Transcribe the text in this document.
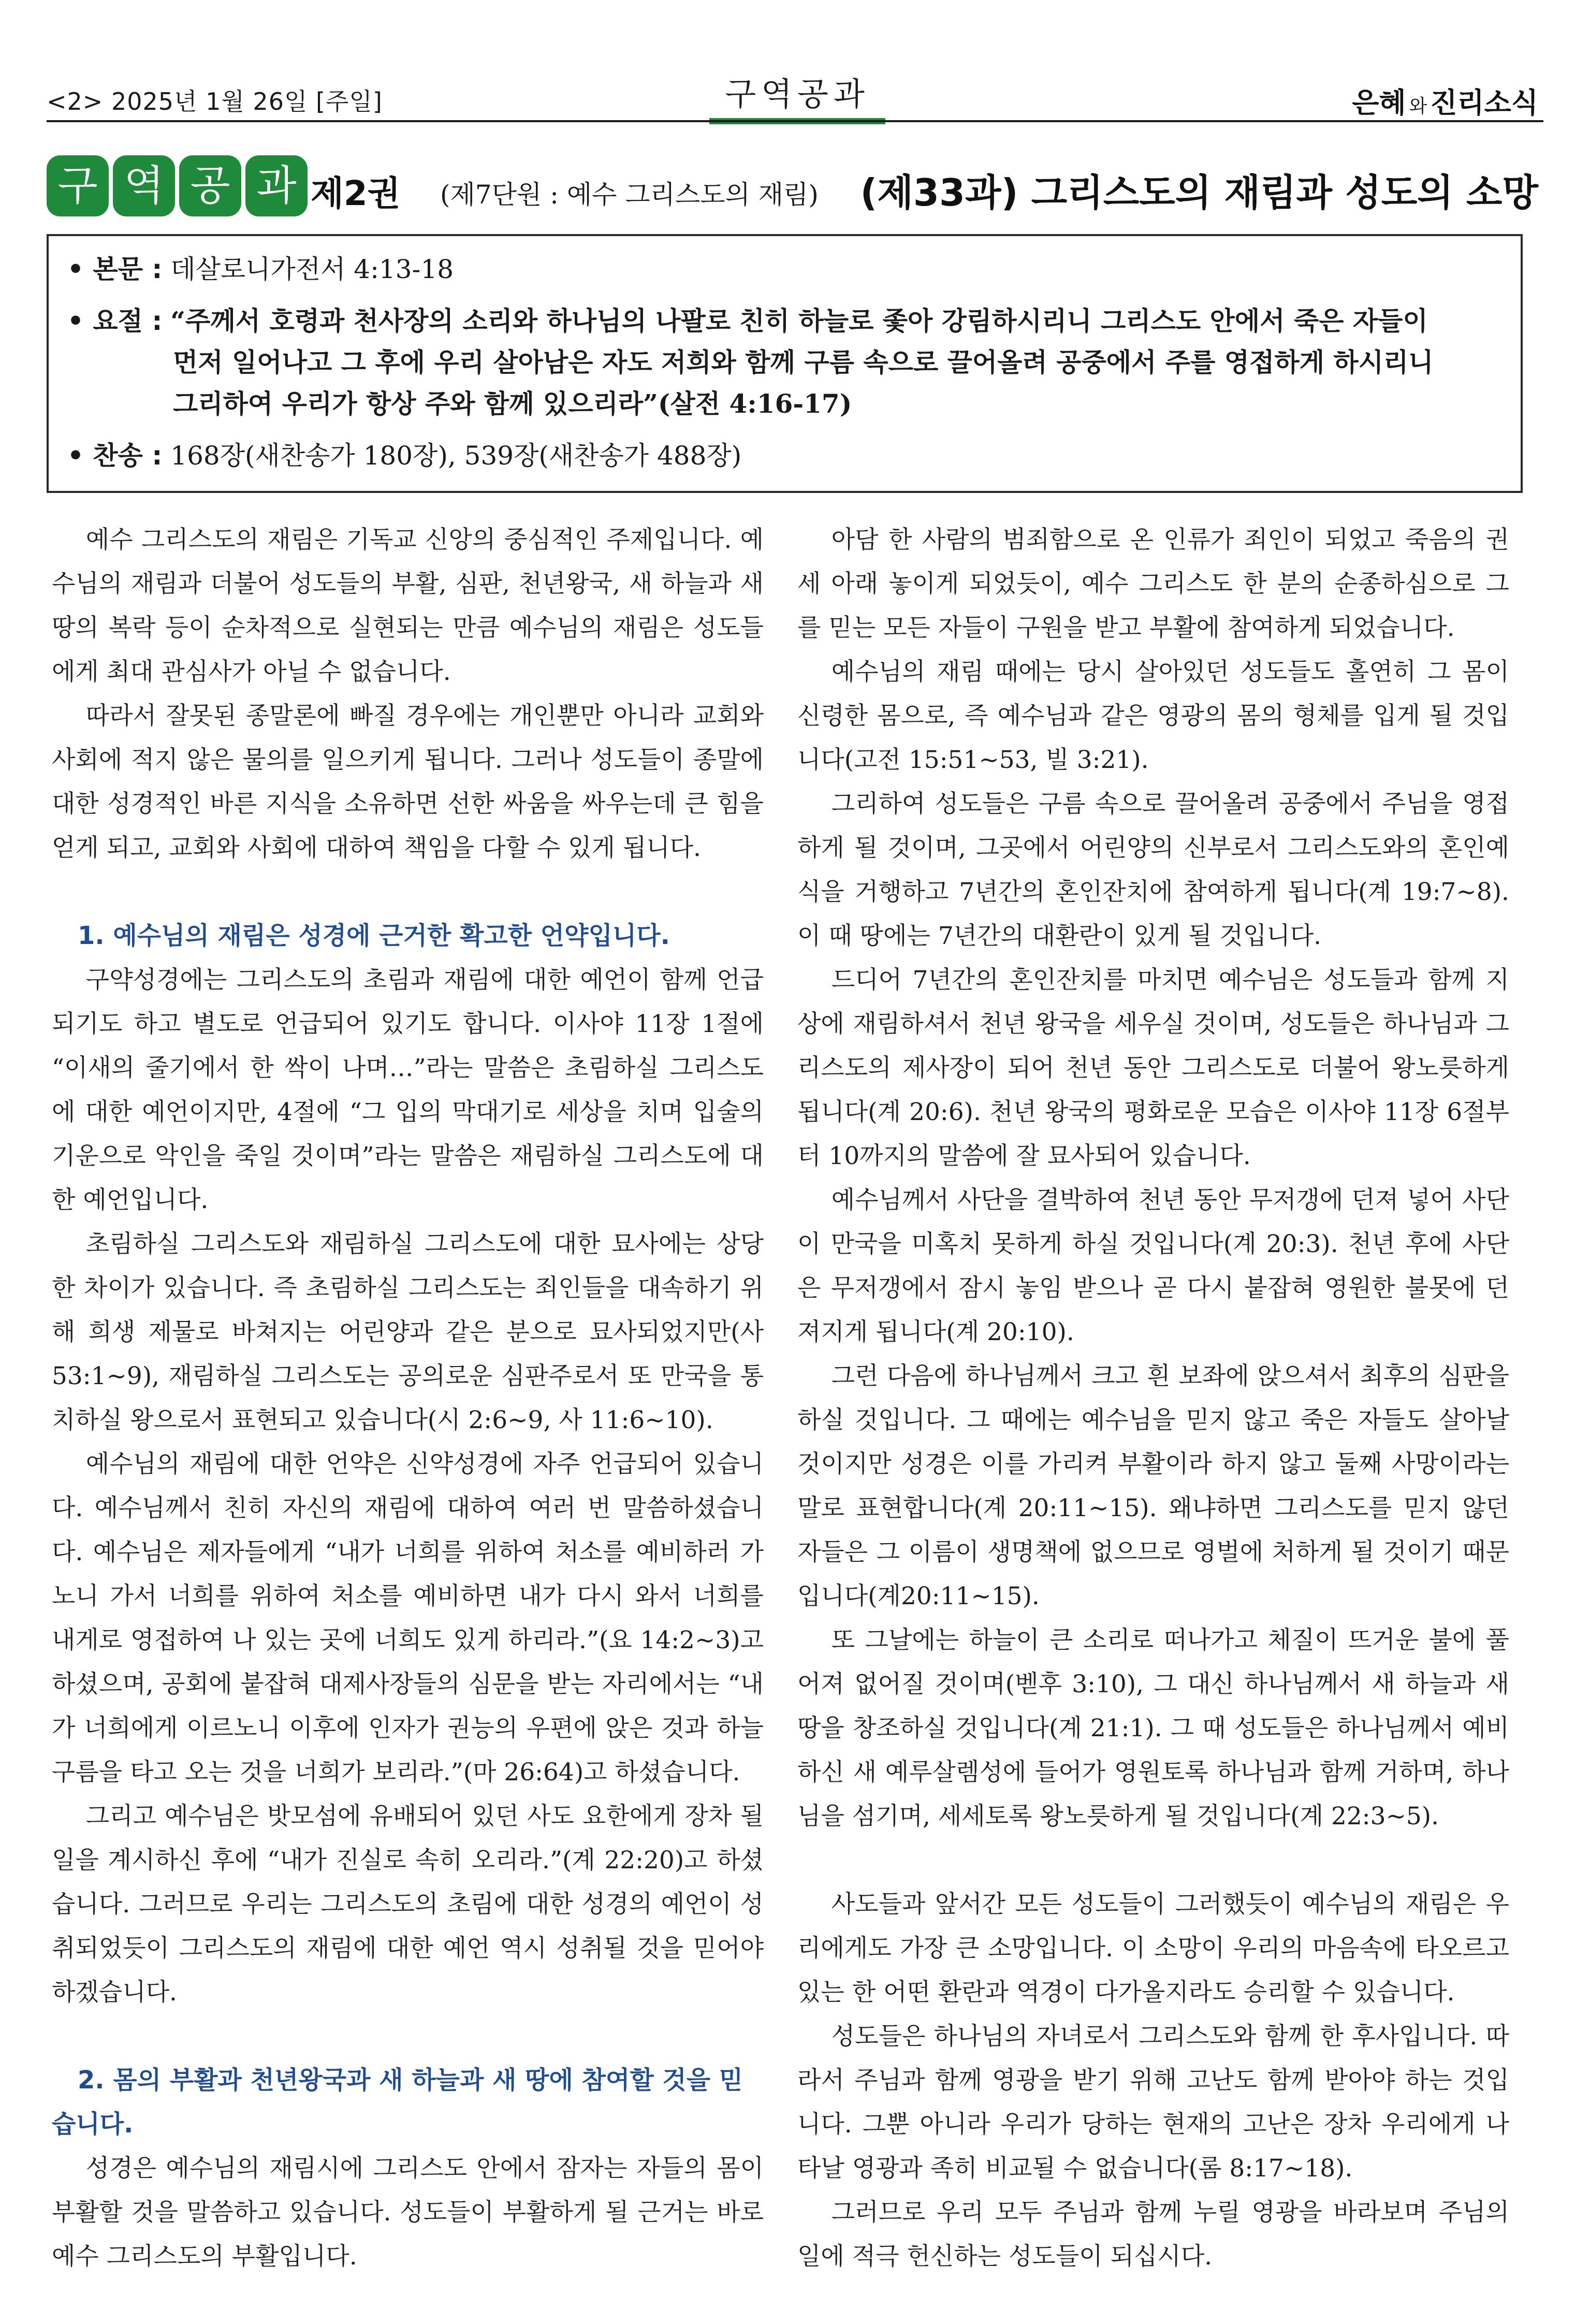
<2> 2025년 1월 26일 [주일]	구역공과	은혜 와 진리소식
구 역 공 과 제2권 (제7단원 : 예수 그리스도의 재림) (제33과) 그리스도의 재림과 성도의 소망
• 본문 : 데살로니가전서 4:13-18
• 요절 : “주께서 호령과 천사장의 소리와 하나님의 나팔로 친히 하늘로 좇아 강림하시리니 그리스도 안에서 죽은 자들이
먼저 일어나고 그 후에 우리 살아남은 자도 저희와 함께 구름 속으로 끌어올려 공중에서 주를 영접하게 하시리니
그리하여 우리가 항상 주와 함께 있으리라”(살전 4:16-17)
• 찬송 : 168장(새찬송가 180장), 539장(새찬송가 488장)

예수 그리스도의 재림은 기독교 신앙의 중심적인 주제입니다. 예수님의 재림과 더불어 성도들의 부활, 심판, 천년왕국, 새 하늘과 새 땅의 복락 등이 순차적으로 실현되는 만큼 예수님의 재림은 성도들에게 최대 관심사가 아닐 수 없습니다.

따라서 잘못된 종말론에 빠질 경우에는 개인뿐만 아니라 교회와 사회에 적지 않은 물의를 일으키게 됩니다. 그러나 성도들이 종말에 대한 성경적인 바른 지식을 소유하면 선한 싸움을 싸우는데 큰 힘을 얻게 되고, 교회와 사회에 대하여 책임을 다할 수 있게 됩니다.

1. 예수님의 재림은 성경에 근거한 확고한 언약입니다.

구약성경에는 그리스도의 초림과 재림에 대한 예언이 함께 언급되기도 하고 별도로 언급되어 있기도 합니다. 이사야 11장 1절에 “이새의 줄기에서 한 싹이 나며…”라는 말씀은 초림하실 그리스도에 대한 예언이지만, 4절에 “그 입의 막대기로 세상을 치며 입술의 기운으로 악인을 죽일 것이며”라는 말씀은 재림하실 그리스도에 대한 예언입니다.

초림하실 그리스도와 재림하실 그리스도에 대한 묘사에는 상당한 차이가 있습니다. 즉 초림하실 그리스도는 죄인들을 대속하기 위해 희생 제물로 바쳐지는 어린양과 같은 분으로 묘사되었지만(사 53:1∼9), 재림하실 그리스도는 공의로운 심판주로서 또 만국을 통치하실 왕으로서 표현되고 있습니다(시 2:6∼9, 사 11:6∼10).

예수님의 재림에 대한 언약은 신약성경에 자주 언급되어 있습니다. 예수님께서 친히 자신의 재림에 대하여 여러 번 말씀하셨습니다. 예수님은 제자들에게 “내가 너희를 위하여 처소를 예비하러 가노니 가서 너희를 위하여 처소를 예비하면 내가 다시 와서 너희를 내게로 영접하여 나 있는 곳에 너희도 있게 하리라.”(요 14:2∼3)고 하셨으며, 공회에 붙잡혀 대제사장들의 심문을 받는 자리에서는 “내가 너희에게 이르노니 이후에 인자가 권능의 우편에 앉은 것과 하늘 구름을 타고 오는 것을 너희가 보리라.”(마 26:64)고 하셨습니다.

그리고 예수님은 밧모섬에 유배되어 있던 사도 요한에게 장차 될 일을 계시하신 후에 “내가 진실로 속히 오리라.”(계 22:20)고 하셨습니다. 그러므로 우리는 그리스도의 초림에 대한 성경의 예언이 성취되었듯이 그리스도의 재림에 대한 예언 역시 성취될 것을 믿어야 하겠습니다.

2. 몸의 부활과 천년왕국과 새 하늘과 새 땅에 참여할 것을 믿습니다.

성경은 예수님의 재림시에 그리스도 안에서 잠자는 자들의 몸이 부활할 것을 말씀하고 있습니다. 성도들이 부활하게 될 근거는 바로 예수 그리스도의 부활입니다.

아담 한 사람의 범죄함으로 온 인류가 죄인이 되었고 죽음의 권세 아래 놓이게 되었듯이, 예수 그리스도 한 분의 순종하심으로 그를 믿는 모든 자들이 구원을 받고 부활에 참여하게 되었습니다.

예수님의 재림 때에는 당시 살아있던 성도들도 홀연히 그 몸이 신령한 몸으로, 즉 예수님과 같은 영광의 몸의 형체를 입게 될 것입니다(고전 15:51∼53, 빌 3:21).

그리하여 성도들은 구름 속으로 끌어올려 공중에서 주님을 영접하게 될 것이며, 그곳에서 어린양의 신부로서 그리스도와의 혼인예식을 거행하고 7년간의 혼인잔치에 참여하게 됩니다(계 19:7∼8). 이 때 땅에는 7년간의 대환란이 있게 될 것입니다.

드디어 7년간의 혼인잔치를 마치면 예수님은 성도들과 함께 지상에 재림하셔서 천년 왕국을 세우실 것이며, 성도들은 하나님과 그리스도의 제사장이 되어 천년 동안 그리스도로 더불어 왕노릇하게 됩니다(계 20:6). 천년 왕국의 평화로운 모습은 이사야 11장 6절부터 10까지의 말씀에 잘 묘사되어 있습니다.

예수님께서 사단을 결박하여 천년 동안 무저갱에 던져 넣어 사단이 만국을 미혹치 못하게 하실 것입니다(계 20:3). 천년 후에 사단은 무저갱에서 잠시 놓임 받으나 곧 다시 붙잡혀 영원한 불못에 던져지게 됩니다(계 20:10).

그런 다음에 하나님께서 크고 흰 보좌에 앉으셔서 최후의 심판을 하실 것입니다. 그 때에는 예수님을 믿지 않고 죽은 자들도 살아날 것이지만 성경은 이를 가리켜 부활이라 하지 않고 둘째 사망이라는 말로 표현합니다(계 20:11∼15). 왜냐하면 그리스도를 믿지 않던 자들은 그 이름이 생명책에 없으므로 영벌에 처하게 될 것이기 때문입니다(계20:11∼15).

또 그날에는 하늘이 큰 소리로 떠나가고 체질이 뜨거운 불에 풀어져 없어질 것이며(벧후 3:10), 그 대신 하나님께서 새 하늘과 새 땅을 창조하실 것입니다(계 21:1). 그 때 성도들은 하나님께서 예비하신 새 예루살렘성에 들어가 영원토록 하나님과 함께 거하며, 하나님을 섬기며, 세세토록 왕노릇하게 될 것입니다(계 22:3∼5).

사도들과 앞서간 모든 성도들이 그러했듯이 예수님의 재림은 우리에게도 가장 큰 소망입니다. 이 소망이 우리의 마음속에 타오르고 있는 한 어떤 환란과 역경이 다가올지라도 승리할 수 있습니다.

성도들은 하나님의 자녀로서 그리스도와 함께 한 후사입니다. 따라서 주님과 함께 영광을 받기 위해 고난도 함께 받아야 하는 것입니다. 그뿐 아니라 우리가 당하는 현재의 고난은 장차 우리에게 나타날 영광과 족히 비교될 수 없습니다(롬 8:17∼18).

그러므로 우리 모두 주님과 함께 누릴 영광을 바라보며 주님의 일에 적극 헌신하는 성도들이 되십시다.
